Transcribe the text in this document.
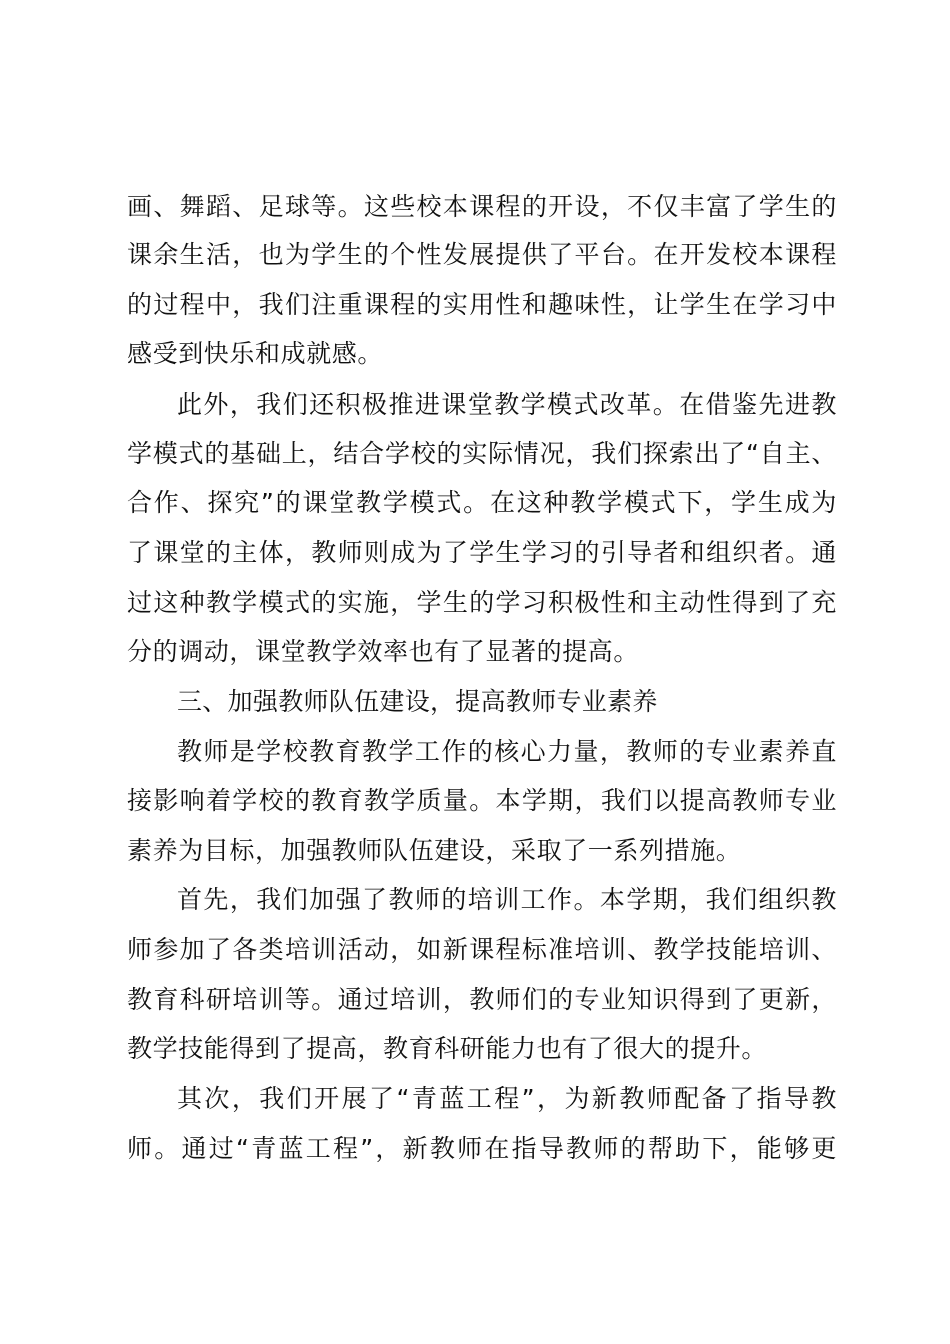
画、舞蹈、足球等。这些校本课程的开设，不仅丰富了学生的
课余生活，也为学生的个性发展提供了平台。在开发校本课程
的过程中，我们注重课程的实用性和趣味性，让学生在学习中
感受到快乐和成就感。
此外，我们还积极推进课堂教学模式改革。在借鉴先进教
学模式的基础上，结合学校的实际情况，我们探索出了“自主、
合作、探究”的课堂教学模式。在这种教学模式下，学生成为
了课堂的主体，教师则成为了学生学习的引导者和组织者。通
过这种教学模式的实施，学生的学习积极性和主动性得到了充
分的调动，课堂教学效率也有了显著的提高。
三、加强教师队伍建设，提高教师专业素养
教师是学校教育教学工作的核心力量，教师的专业素养直
接影响着学校的教育教学质量。本学期，我们以提高教师专业
素养为目标，加强教师队伍建设，采取了一系列措施。
首先，我们加强了教师的培训工作。本学期，我们组织教
师参加了各类培训活动，如新课程标准培训、教学技能培训、
教育科研培训等。通过培训，教师们的专业知识得到了更新，
教学技能得到了提高，教育科研能力也有了很大的提升。
其次，我们开展了“青蓝工程”，为新教师配备了指导教
师。通过“青蓝工程”，新教师在指导教师的帮助下，能够更
